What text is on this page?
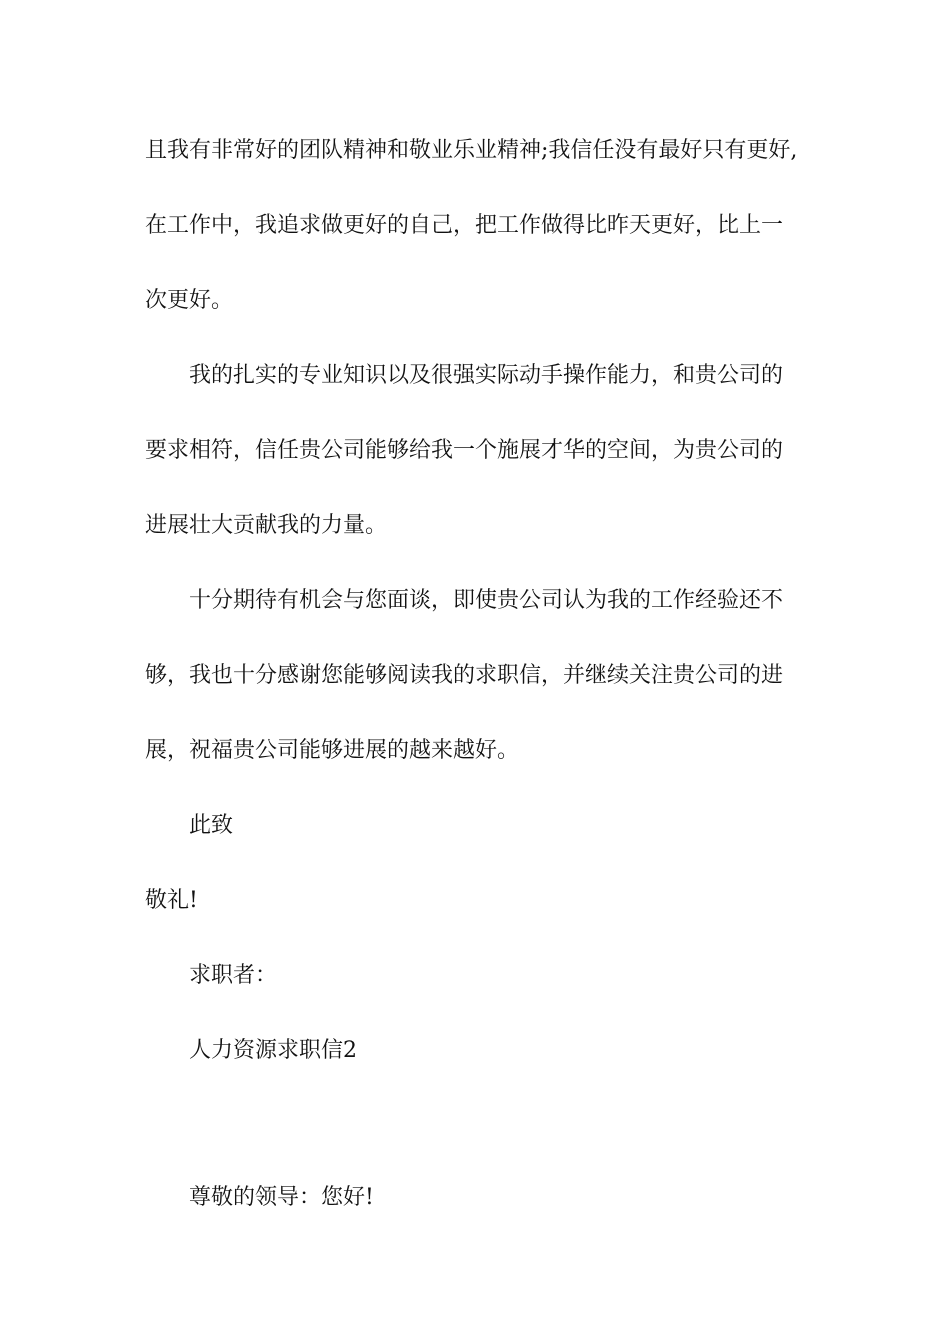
且我有非常好的团队精神和敬业乐业精神;我信任没有最好只有更好,
在工作中，我追求做更好的自己，把工作做得比昨天更好，比上一
次更好。
我的扎实的专业知识以及很强实际动手操作能力，和贵公司的
要求相符，信任贵公司能够给我一个施展才华的空间，为贵公司的
进展壮大贡献我的力量。
十分期待有机会与您面谈，即使贵公司认为我的工作经验还不
够，我也十分感谢您能够阅读我的求职信，并继续关注贵公司的进
展，祝福贵公司能够进展的越来越好。
此致
敬礼!
求职者：
人力资源求职信2
尊敬的领导：您好!
